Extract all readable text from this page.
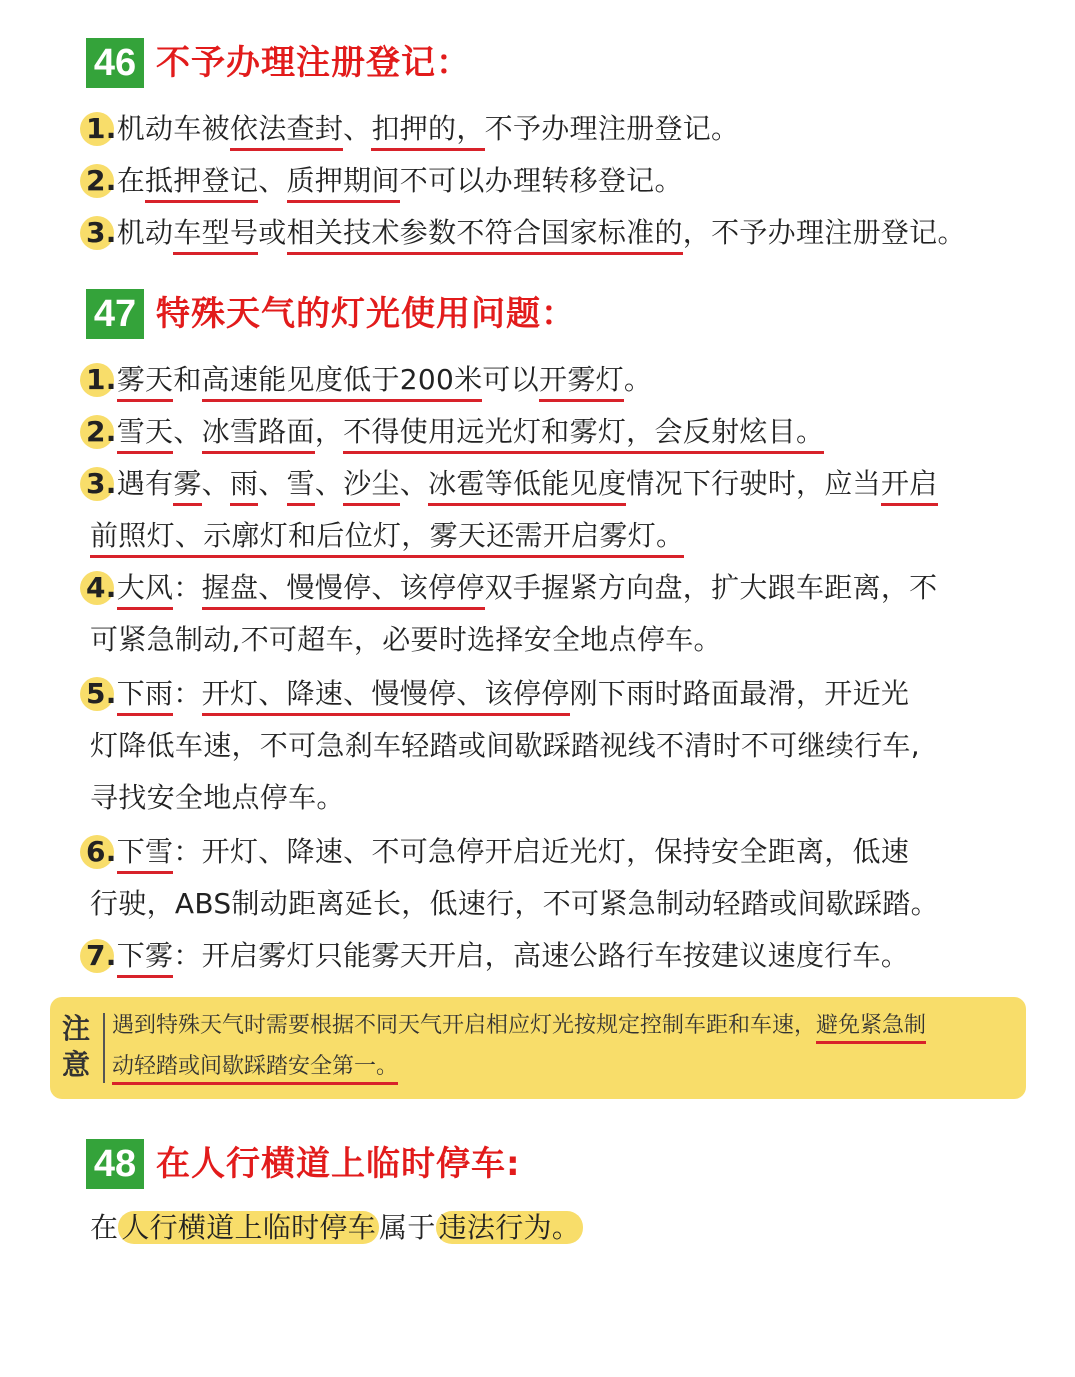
46 不予办理注册登记：
1.机动车被依法查封、扣押的，不予办理注册登记。
2.在抵押登记、质押期间不可以办理转移登记。
3.机动车型号或相关技术参数不符合国家标准的，不予办理注册登记。
47 特殊天气的灯光使用问题：
1.雾天和高速能见度低于200米可以开雾灯。
2.雪天、冰雪路面，不得使用远光灯和雾灯，会反射炫目。
3.遇有雾、雨、雪、沙尘、冰雹等低能见度情况下行驶时，应当开启
前照灯、示廓灯和后位灯，雾天还需开启雾灯。
4.大风：握盘、慢慢停、该停停双手握紧方向盘，扩大跟车距离，不
可紧急制动,不可超车，必要时选择安全地点停车。
5.下雨：开灯、降速、慢慢停、该停停刚下雨时路面最滑，开近光
灯降低车速，不可急刹车轻踏或间歇踩踏视线不清时不可继续行车,
寻找安全地点停车。
6.下雪：开灯、降速、不可急停开启近光灯，保持安全距离，低速
行驶，ABS制动距离延长，低速行，不可紧急制动轻踏或间歇踩踏。
7.下雾：开启雾灯只能雾天开启，高速公路行车按建议速度行车。
注
意
遇到特殊天气时需要根据不同天气开启相应灯光按规定控制车距和车速，避免紧急制
动轻踏或间歇踩踏安全第一。
48 在人行横道上临时停车:
在 人行横道上临时停车 属于 违法行为。
